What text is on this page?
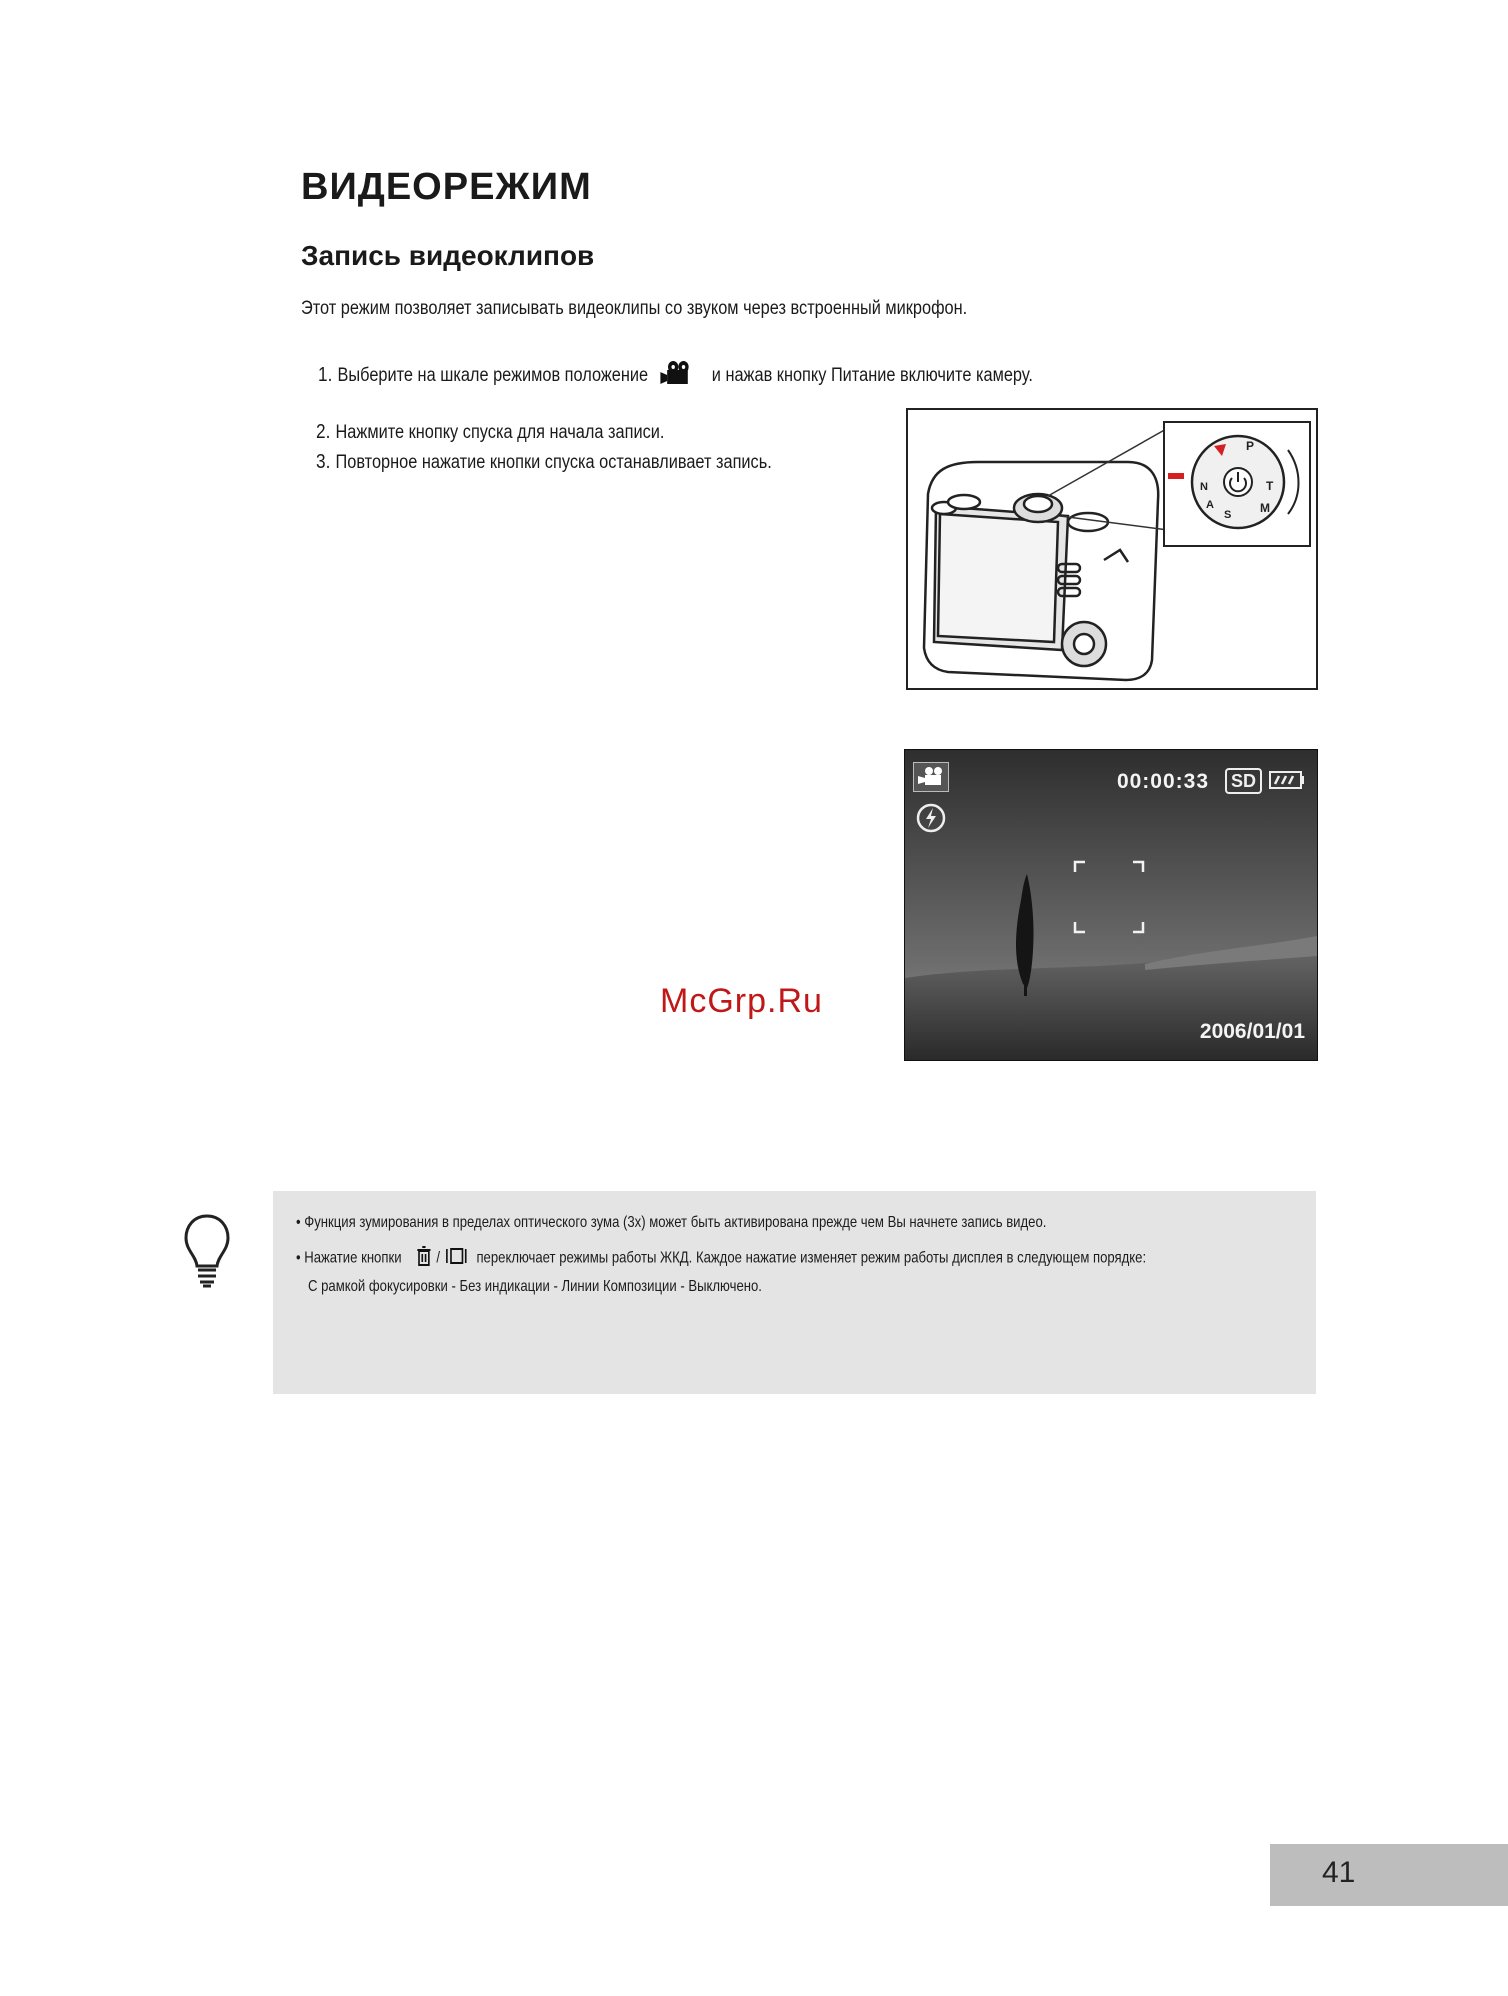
ВИДЕОРЕЖИМ
Запись видеоклипов
Этот режим позволяет записывать видеоклипы со звуком через встроенный микрофон.
1. Выберите на шкале режимов положение	и нажав кнопку Питание включите камеру.
2. Нажмите кнопку спуска для начала записи.
3. Повторное нажатие кнопки спуска останавливает запись.
P
T
M
S
A
N
00:00:33	SD
2006/01/01
McGrp.Ru
• Функция зумирования в пределах оптического зума (3x) может быть активирована прежде чем Вы начнете запись видео.
• Нажатие кнопки / переключает режимы работы ЖКД. Каждое нажатие изменяет режим работы дисплея в следующем порядке:
С рамкой фокусировки - Без индикации - Линии Композиции - Выключено.
41
